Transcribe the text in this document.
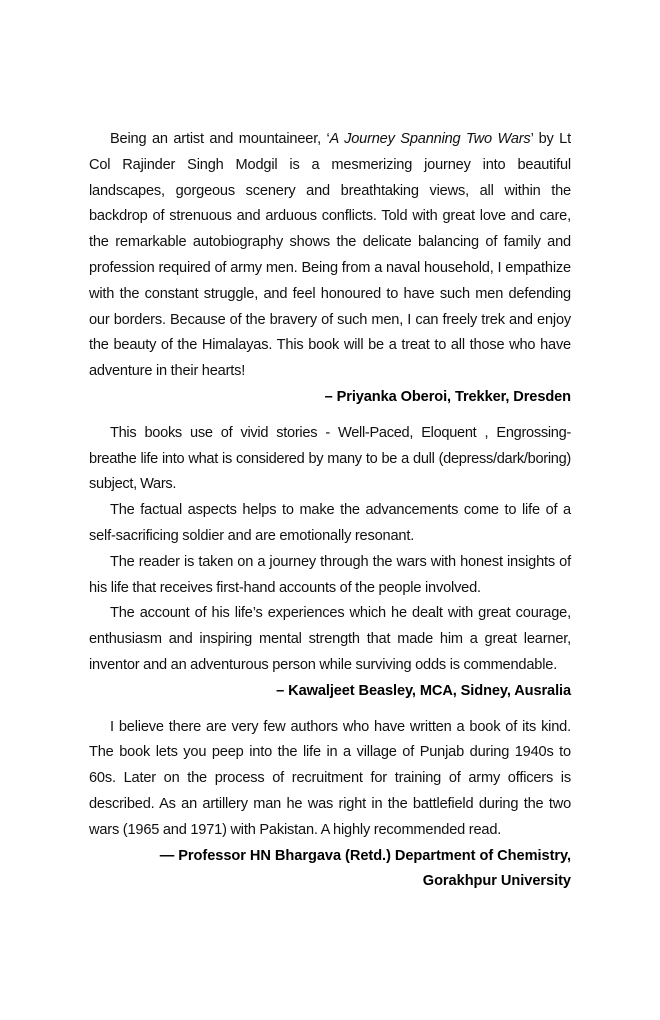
Being an artist and mountaineer, ‘A Journey Spanning Two Wars’ by Lt Col Rajinder Singh Modgil is a mesmerizing journey into beautiful landscapes, gorgeous scenery and breathtaking views, all within the backdrop of strenuous and arduous conflicts. Told with great love and care, the remarkable autobiography shows the delicate balancing of family and profession required of army men. Being from a naval household, I empathize with the constant struggle, and feel honoured to have such men defending our borders. Because of the bravery of such men, I can freely trek and enjoy the beauty of the Himalayas. This book will be a treat to all those who have adventure in their hearts!

– Priyanka Oberoi, Trekker, Dresden

This books use of vivid stories - Well-Paced, Eloquent , Engrossing- breathe life into what is considered by many to be a dull (depress/dark/boring) subject, Wars.

The factual aspects helps to make the advancements come to life of a self-sacrificing soldier and are emotionally resonant.

The reader is taken on a journey through the wars with honest insights of his life that receives first-hand accounts of the people involved.

The account of his life’s experiences which he dealt with great courage, enthusiasm and inspiring mental strength that made him a great learner, inventor and an adventurous person while surviving odds is commendable.

– Kawaljeet Beasley, MCA, Sidney, Ausralia

I believe there are very few authors who have written a book of its kind. The book lets you peep into the life in a village of Punjab during 1940s to 60s. Later on the process of recruitment for training of army officers is described. As an artillery man he was right in the battlefield during the two wars (1965 and 1971) with Pakistan. A highly recommended read.

— Professor HN Bhargava (Retd.) Department of Chemistry,

Gorakhpur University
